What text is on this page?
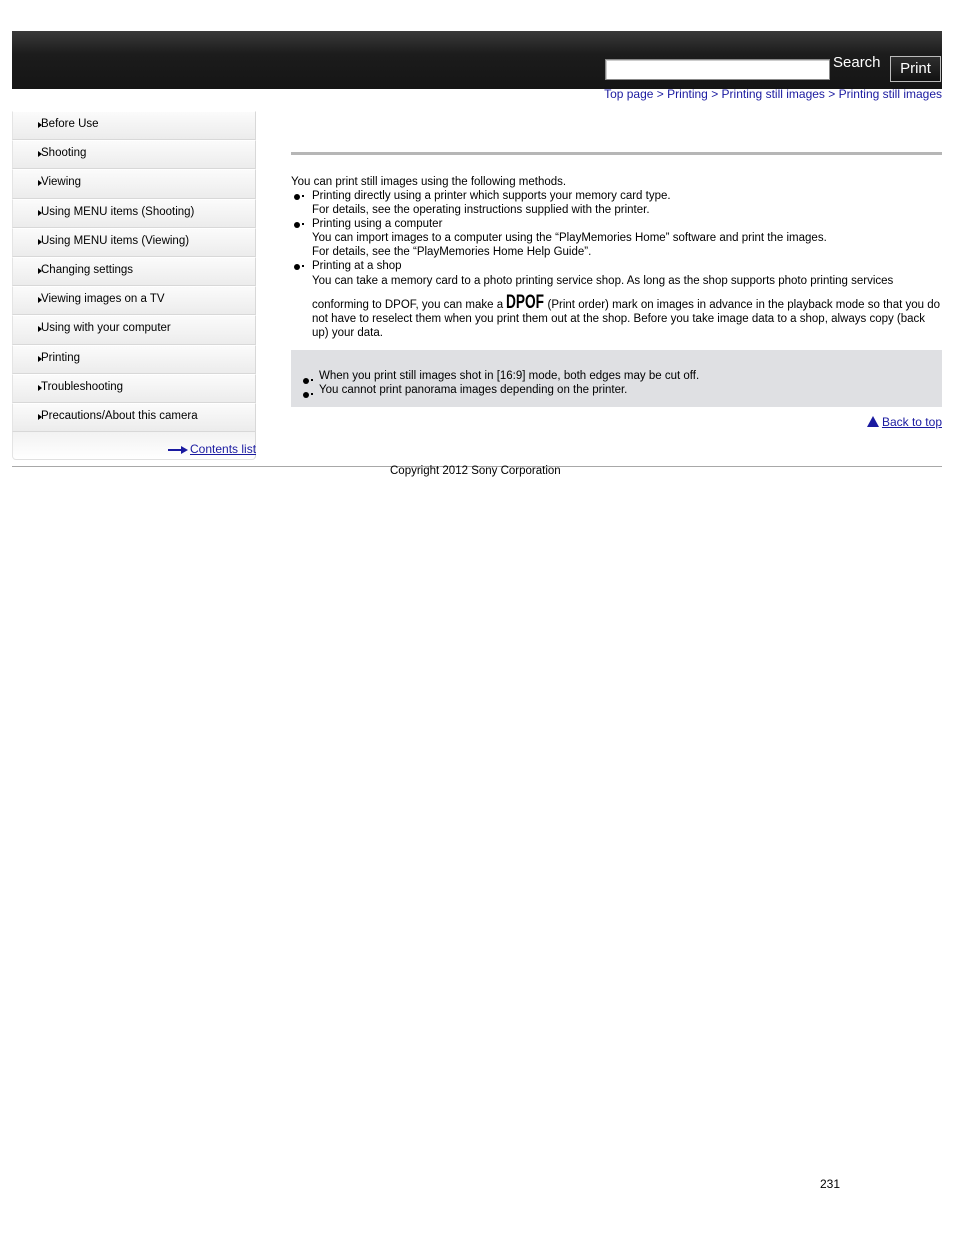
Search	Print
Top page > Printing > Printing still images > Printing still images
Before Use
Shooting
Viewing
Using MENU items (Shooting)
Using MENU items (Viewing)
Changing settings
Viewing images on a TV
Using with your computer
Printing
Troubleshooting
Precautions/About this camera
Contents list

You can print still images using the following methods.

Printing directly using a printer which supports your memory card type.
For details, see the operating instructions supplied with the printer.
Printing using a computer
You can import images to a computer using the “PlayMemories Home” software and print the images.
For details, see the “PlayMemories Home Help Guide”.
Printing at a shop
You can take a memory card to a photo printing service shop. As long as the shop supports photo printing services
conforming to DPOF, you can make a DPOF (Print order) mark on images in advance in the playback mode so that you do not have to reselect them when you print them out at the shop. Before you take image data to a shop, always copy (back up) your data.
When you print still images shot in [16:9] mode, both edges may be cut off.
You cannot print panorama images depending on the printer.
Back to top
Copyright 2012 Sony Corporation
231
